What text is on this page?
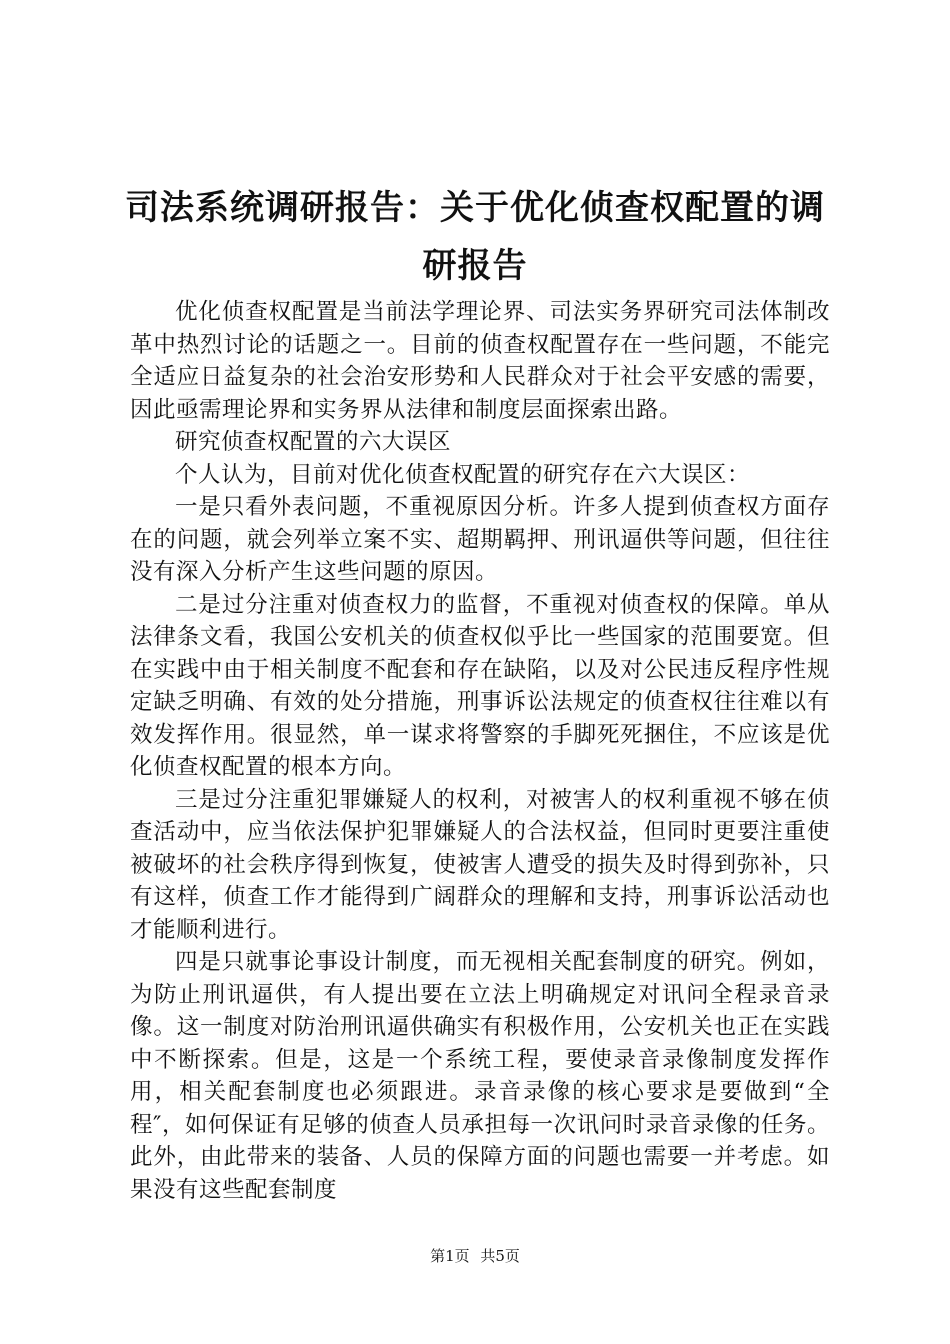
司法系统调研报告：关于优化侦查权配置的调
研报告

优化侦查权配置是当前法学理论界、司法实务界研究司法体制改革中热烈讨论的话题之一。目前的侦查权配置存在一些问题，不能完全适应日益复杂的社会治安形势和人民群众对于社会平安感的需要，因此亟需理论界和实务界从法律和制度层面探索出路。

研究侦查权配置的六大误区

个人认为，目前对优化侦查权配置的研究存在六大误区：

一是只看外表问题，不重视原因分析。许多人提到侦查权方面存在的问题，就会列举立案不实、超期羁押、刑讯逼供等问题，但往往没有深入分析产生这些问题的原因。

二是过分注重对侦查权力的监督，不重视对侦查权的保障。单从法律条文看，我国公安机关的侦查权似乎比一些国家的范围要宽。但在实践中由于相关制度不配套和存在缺陷，以及对公民违反程序性规定缺乏明确、有效的处分措施，刑事诉讼法规定的侦查权往往难以有效发挥作用。很显然，单一谋求将警察的手脚死死捆住，不应该是优化侦查权配置的根本方向。

三是过分注重犯罪嫌疑人的权利，对被害人的权利重视不够在侦查活动中，应当依法保护犯罪嫌疑人的合法权益，但同时更要注重使被破坏的社会秩序得到恢复，使被害人遭受的损失及时得到弥补，只有这样，侦查工作才能得到广阔群众的理解和支持，刑事诉讼活动也才能顺利进行。

四是只就事论事设计制度，而无视相关配套制度的研究。例如，为防止刑讯逼供，有人提出要在立法上明确规定对讯问全程录音录像。这一制度对防治刑讯逼供确实有积极作用，公安机关也正在实践中不断探索。但是，这是一个系统工程，要使录音录像制度发挥作用，相关配套制度也必须跟进。录音录像的核心要求是要做到“全程″，如何保证有足够的侦查人员承担每一次讯问时录音录像的任务。此外，由此带来的装备、人员的保障方面的问题也需要一并考虑。如果没有这些配套制度

第1页 共5页
